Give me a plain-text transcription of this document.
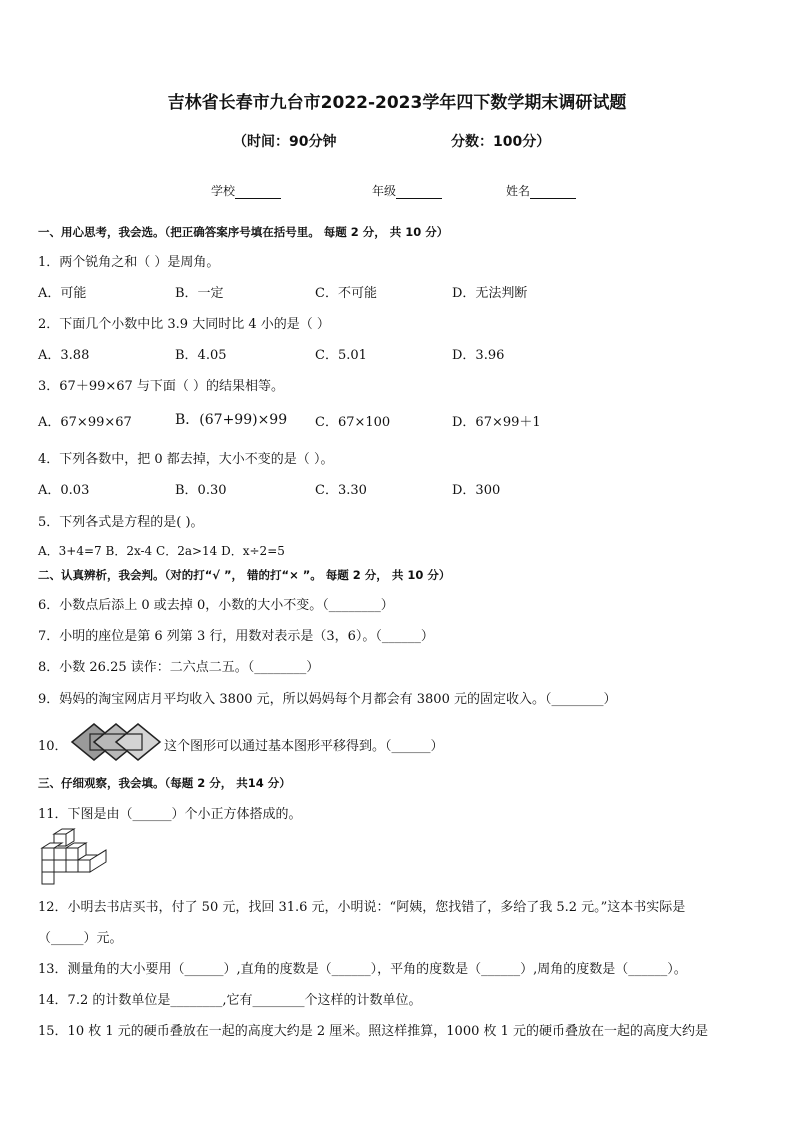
吉林省长春市九台市2022-2023学年四下数学期末调研试题
（时间：90分钟	分数：100分）
学校	年级	姓名
一、用心思考，我会选。（把正确答案序号填在括号里。 每题 2 分， 共 10 分）
1．两个锐角之和（ ）是周角。
A．可能	B．一定	C．不可能	D．无法判断
2．下面几个小数中比 3.9 大同时比 4 小的是（ ）
A．3.88	B．4.05	C．5.01	D．3.96
3．67＋99×67 与下面（ ）的结果相等。
A．67×99×67	B．(67+99)×99 C．67×100	D．67×99＋1
4．下列各数中，把 0 都去掉，大小不变的是（ ）。
A．0.03	B．0.30	C．3.30	D．300
5．下列各式是方程的是( )。
A．3+4=7 B．2x-4 C．2a>14 D．x÷2=5
二、认真辨析，我会判。（对的打“√ ”， 错的打“× ”。 每题 2 分， 共 10 分）
6．小数点后添上 0 或去掉 0，小数的大小不变。（________）
7．小明的座位是第 6 列第 3 行，用数对表示是（3，6）。（______）
8．小数 26.25 读作：二六点二五。（________）
9．妈妈的淘宝网店月平均收入 3800 元，所以妈妈每个月都会有 3800 元的固定收入。（________）
10．	这个图形可以通过基本图形平移得到。（______）
三、仔细观察，我会填。（每题 2 分， 共14 分）
11．下图是由（______）个小正方体搭成的。
12．小明去书店买书，付了 50 元，找回 31.6 元，小明说：“阿姨，您找错了，多给了我 5.2 元。”这本书实际是
（_____）元。
13．测量角的大小要用（______）,直角的度数是（______），平角的度数是（______）,周角的度数是（______）。
14．7.2 的计数单位是________,它有________个这样的计数单位。
15．10 枚 1 元的硬币叠放在一起的高度大约是 2 厘米。照这样推算，1000 枚 1 元的硬币叠放在一起的高度大约是
